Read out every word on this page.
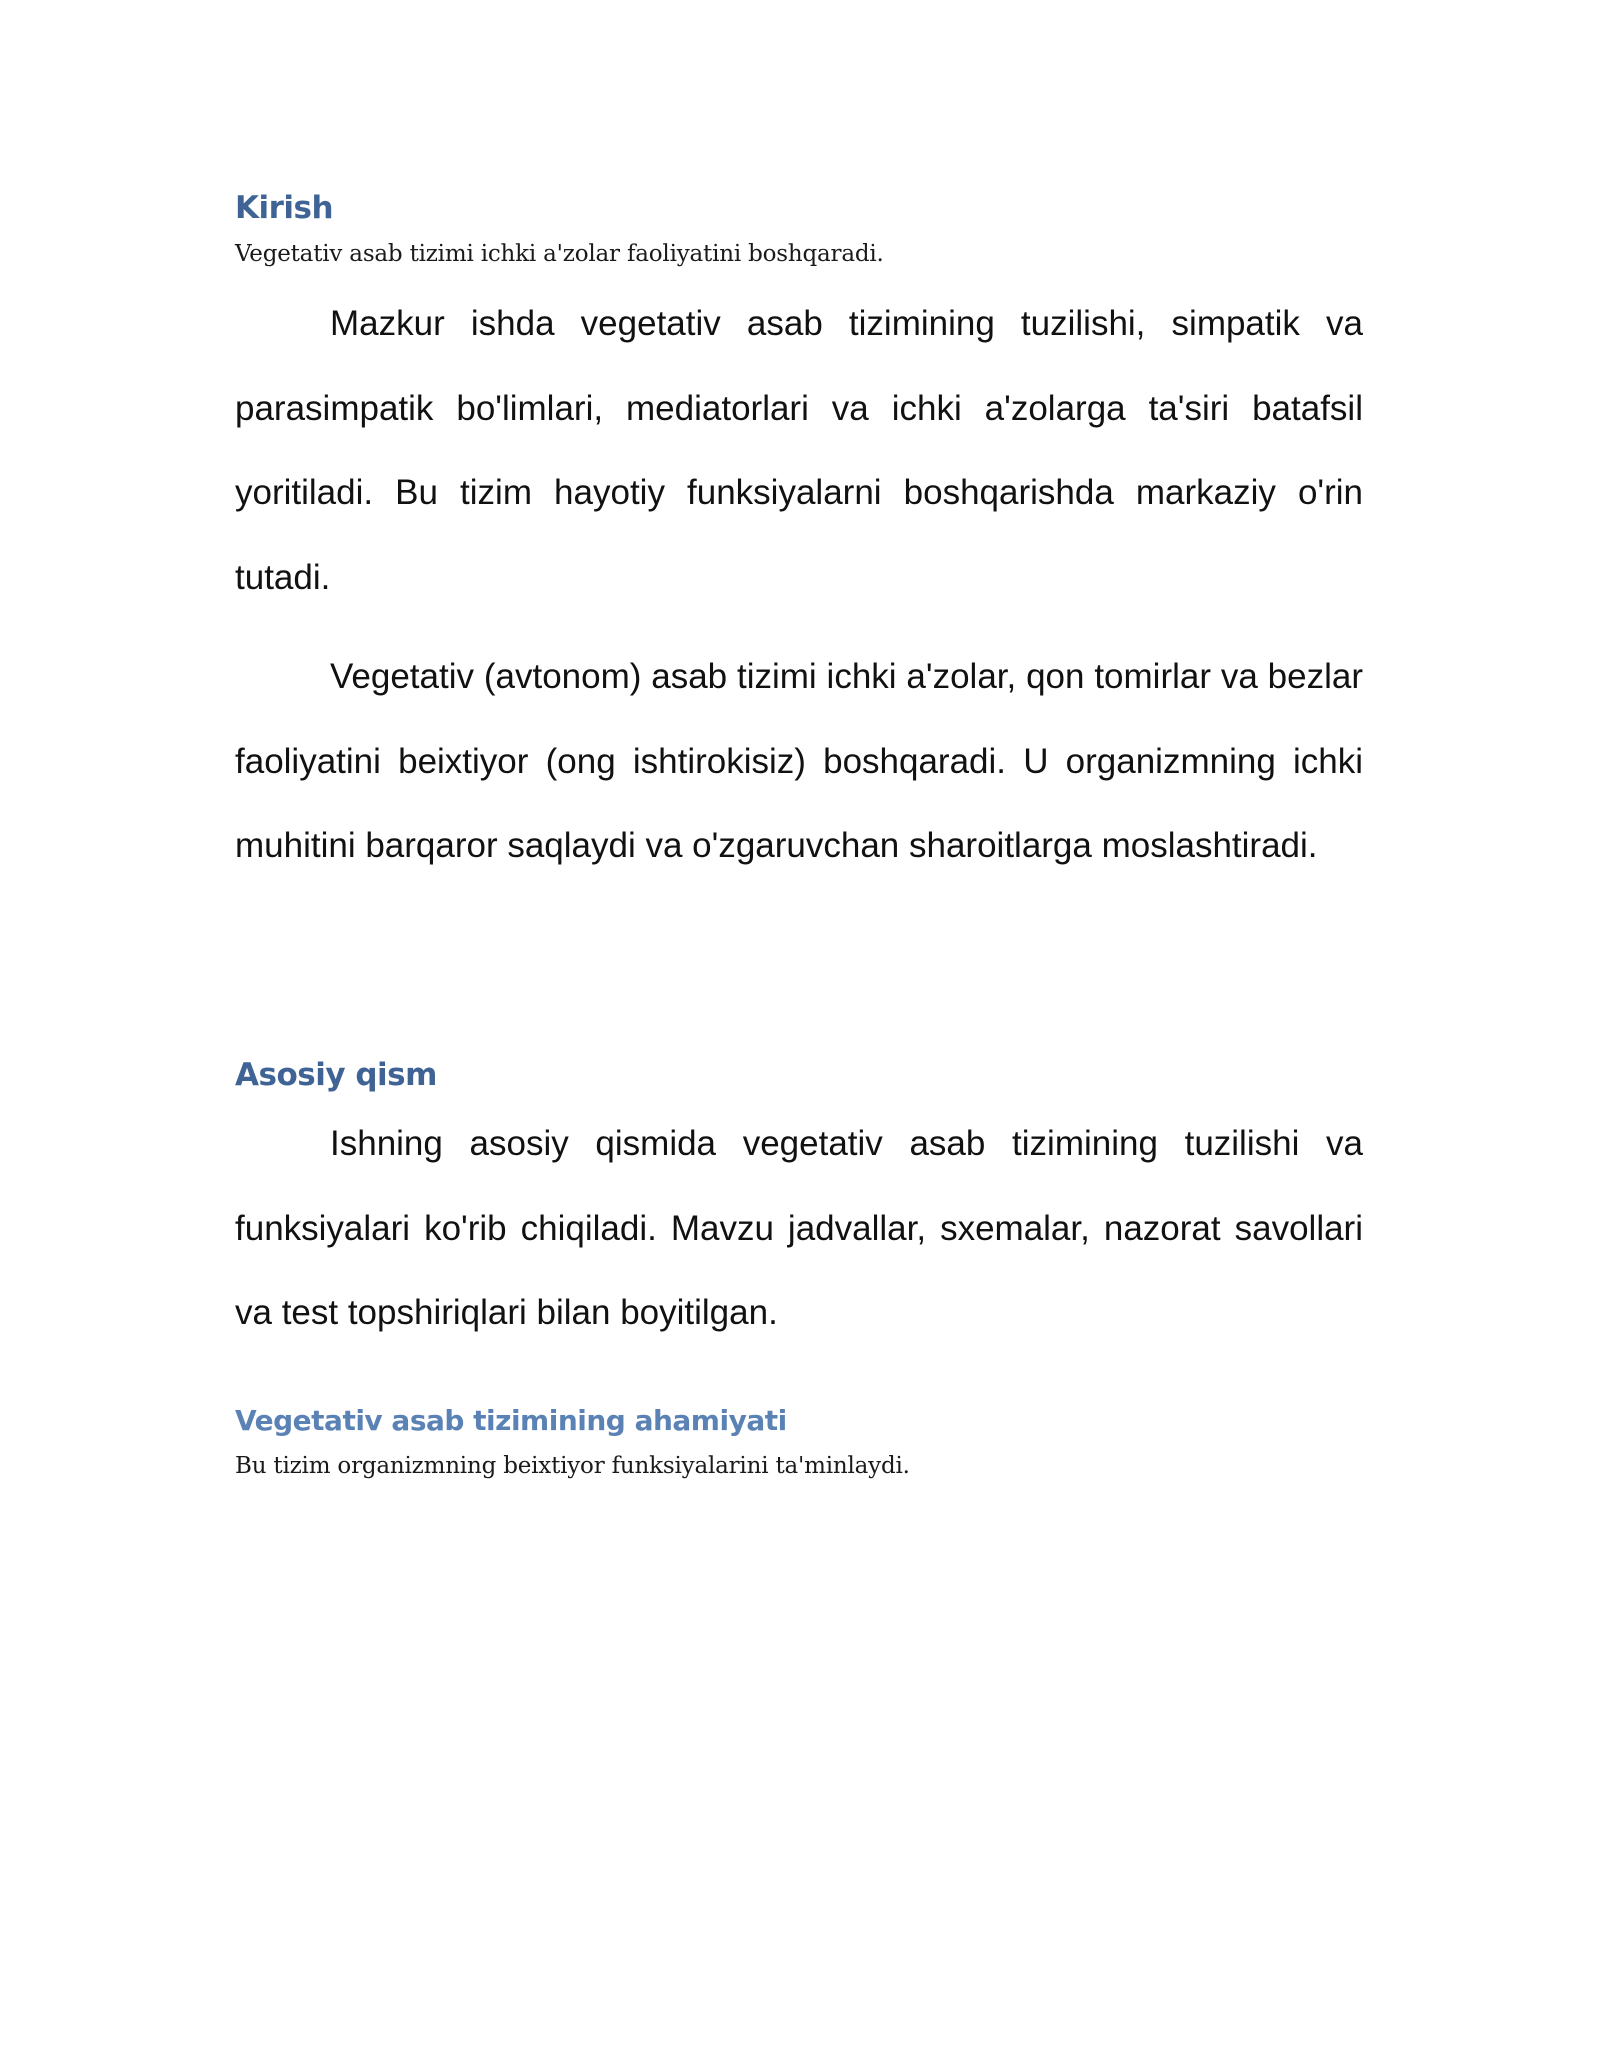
Kirish

Vegetativ asab tizimi ichki a'zolar faoliyatini boshqaradi.

Mazkur ishda vegetativ asab tizimining tuzilishi, simpatik va parasimpatik bo'limlari, mediatorlari va ichki a'zolarga ta'siri batafsil yoritiladi. Bu tizim hayotiy funksiyalarni boshqarishda markaziy o'rin tutadi.

Vegetativ (avtonom) asab tizimi ichki a'zolar, qon tomirlar va bezlar faoliyatini beixtiyor (ong ishtirokisiz) boshqaradi. U organizmning ichki muhitini barqaror saqlaydi va o'zgaruvchan sharoitlarga moslashtiradi.

Asosiy qism

Ishning asosiy qismida vegetativ asab tizimining tuzilishi va funksiyalari ko'rib chiqiladi. Mavzu jadvallar, sxemalar, nazorat savollari va test topshiriqlari bilan boyitilgan.

Vegetativ asab tizimining ahamiyati

Bu tizim organizmning beixtiyor funksiyalarini ta'minlaydi.
